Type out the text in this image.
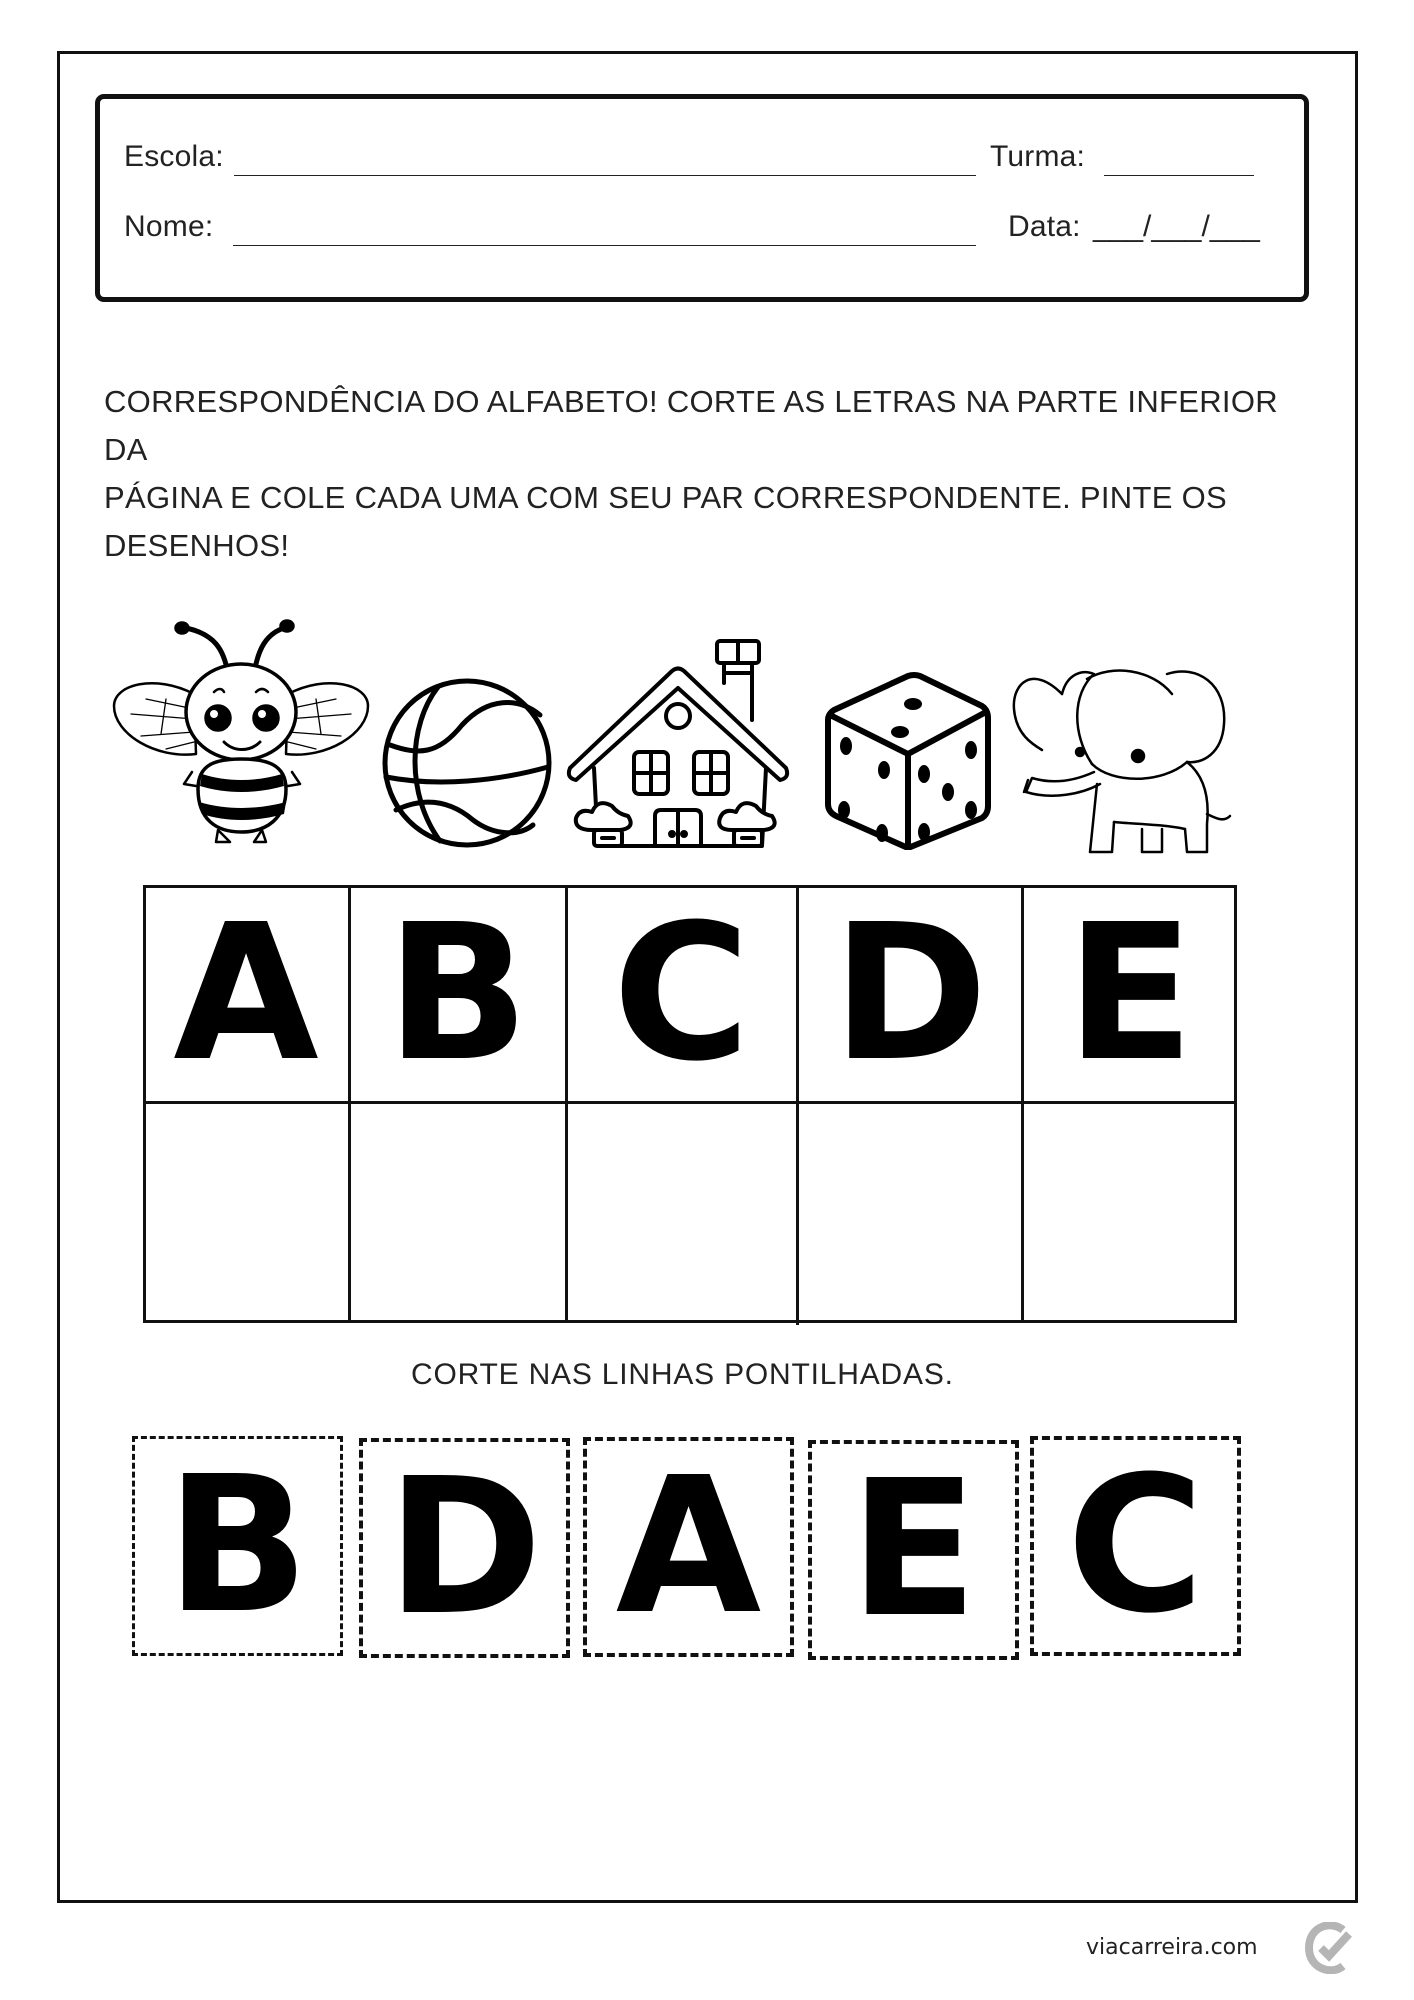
Escola:	Turma:
Nome:	Data: ___/___/___
CORRESPONDÊNCIA DO ALFABETO! CORTE AS LETRAS NA PARTE INFERIOR DA
PÁGINA E COLE CADA UMA COM SEU PAR CORRESPONDENTE. PINTE OS
DESENHOS!
A B C D E
CORTE NAS LINHAS PONTILHADAS.
B D A E C
viacarreira.com
